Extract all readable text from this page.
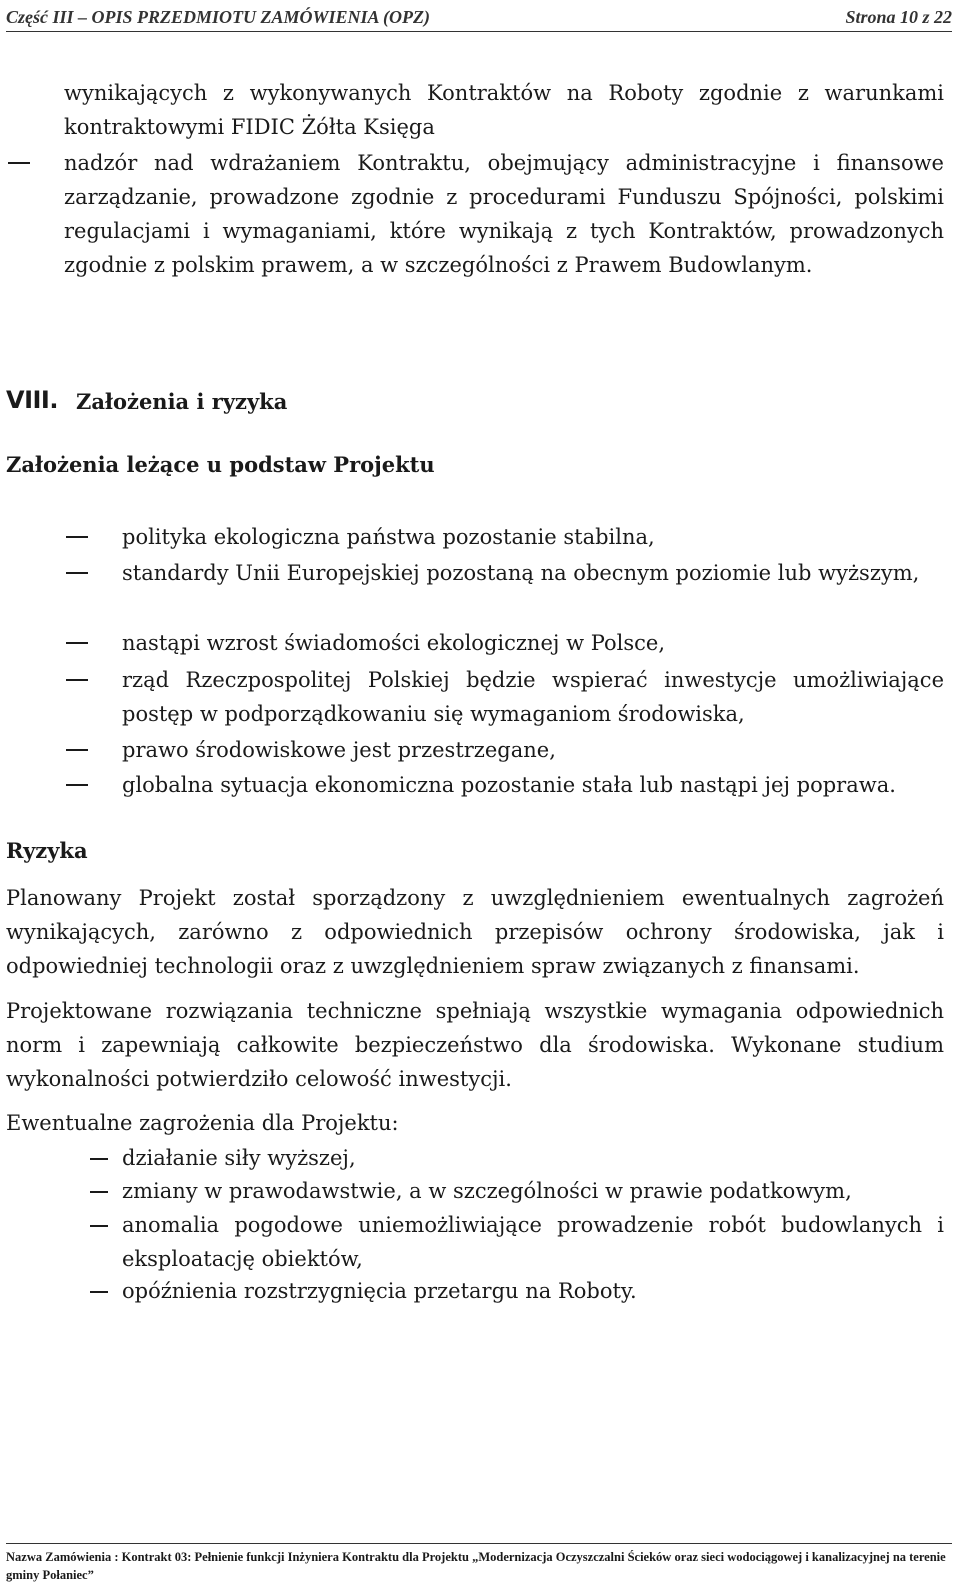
Część III – OPIS PRZEDMIOTU ZAMÓWIENIA (OPZ)	Strona 10 z 22

wynikających z wykonywanych Kontraktów na Roboty zgodnie z warunkami kontraktowymi FIDIC Żółta Księga

nadzór nad wdrażaniem Kontraktu, obejmujący administracyjne i finansowe zarządzanie, prowadzone zgodnie z procedurami Funduszu Spójności, polskimi regulacjami i wymaganiami, które wynikają z tych Kontraktów, prowadzonych zgodnie z polskim prawem, a w szczególności z Prawem Budowlanym.

VIII. Założenia i ryzyka

Założenia leżące u podstaw Projektu

polityka ekologiczna państwa pozostanie stabilna,

standardy Unii Europejskiej pozostaną na obecnym poziomie lub wyższym,

nastąpi wzrost świadomości ekologicznej w Polsce,

rząd Rzeczpospolitej Polskiej będzie wspierać inwestycje umożliwiające postęp w podporządkowaniu się wymaganiom środowiska,

prawo środowiskowe jest przestrzegane,

globalna sytuacja ekonomiczna pozostanie stała lub nastąpi jej poprawa.

Ryzyka

Planowany Projekt został sporządzony z uwzględnieniem ewentualnych zagrożeń wynikających, zarówno z odpowiednich przepisów ochrony środowiska, jak i odpowiedniej technologii oraz z uwzględnieniem spraw związanych z finansami.

Projektowane rozwiązania techniczne spełniają wszystkie wymagania odpowiednich norm i zapewniają całkowite bezpieczeństwo dla środowiska. Wykonane studium wykonalności potwierdziło celowość inwestycji.

Ewentualne zagrożenia dla Projektu:

działanie siły wyższej,

zmiany w prawodawstwie, a w szczególności w prawie podatkowym,

anomalia pogodowe uniemożliwiające prowadzenie robót budowlanych i eksploatację obiektów,

opóźnienia rozstrzygnięcia przetargu na Roboty.

Nazwa Zamówienia : Kontrakt 03: Pełnienie funkcji Inżyniera Kontraktu dla Projektu „Modernizacja Oczyszczalni Ścieków oraz sieci wodociągowej i kanalizacyjnej na terenie gminy Połaniec”
